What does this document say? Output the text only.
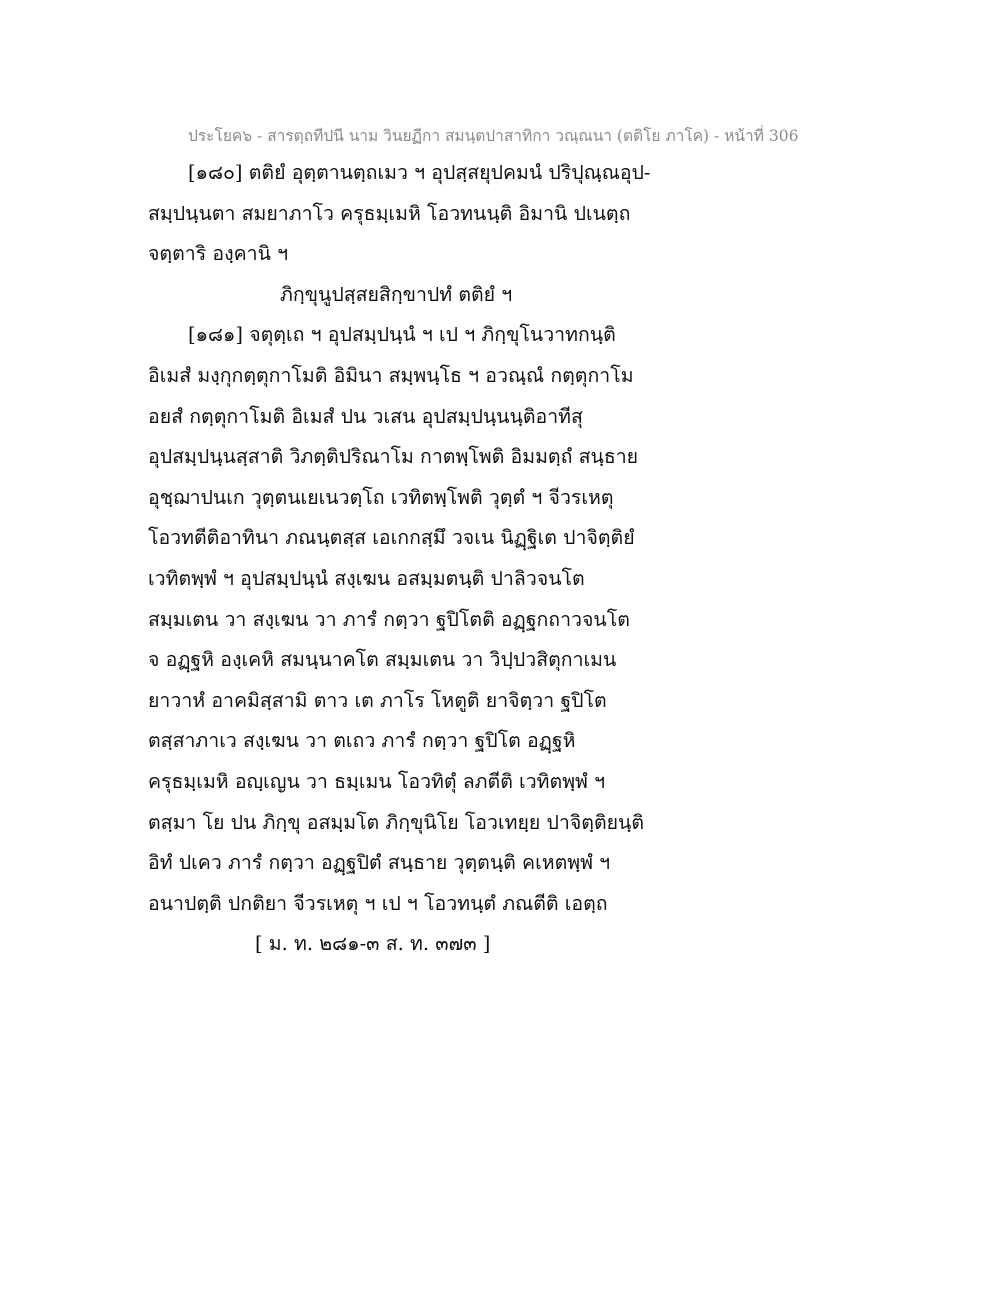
ประโยค๖ - สารตฺถทีปนี นาม วินยฏีกา สมนฺตปาสาทิกา วณฺณนา (ตติโย ภาโค) - หน้าที่ 306
[๑๘๐] ตติยํ อุตฺตานตฺถเมว ฯ อุปสฺสยุปคมนํ ปริปุณฺณอุป-
สมฺปนฺนตา สมยาภาโว ครุธมฺเมหิ โอวทนนฺติ อิมานิ ปเนตฺถ
จตฺตาริ องฺคานิ ฯ
ภิกฺขุนูปสฺสยสิกฺขาปทํ ตติยํ ฯ
[๑๘๑] จตุตฺเถ ฯ อุปสมฺปนฺนํ ฯ เป ฯ ภิกฺขุโนวาทกนฺติ
อิเมสํ มงฺกุกตฺตุกาโมติ อิมินา สมฺพนฺโธ ฯ อวณฺณํ กตฺตุกาโม
อยสํ กตฺตุกาโมติ อิเมสํ ปน วเสน อุปสมฺปนฺนนฺติอาทีสุ
อุปสมฺปนฺนสฺสาติ วิภตฺติปริณาโม กาตพฺโพติ อิมมตฺถํ สนฺธาย
อุชฺฌาปนเก วุตฺตนเยเนวตฺโถ เวทิตพฺโพติ วุตฺตํ ฯ จีวรเหตุ
โอวทตีติอาทินา ภณนฺตสฺส เอเกกสฺมึ วจเน นิฏฺฐิเต ปาจิตฺติยํ
เวทิตพฺพํ ฯ อุปสมฺปนฺนํ สงฺเฆน อสมฺมตนฺติ ปาลิวจนโต
สมฺมเตน วา สงฺเฆน วา ภารํ กตฺวา ฐปิโตติ อฏฺฐกถาวจนโต
จ อฏฺฐหิ องฺเคหิ สมนฺนาคโต สมฺมเตน วา วิปฺปวสิตุกาเมน
ยาวาหํ อาคมิสฺสามิ ตาว เต ภาโร โหตูติ ยาจิตฺวา ฐปิโต
ตสฺสาภาเว สงฺเฆน วา ตเถว ภารํ กตฺวา ฐปิโต อฏฺฐหิ
ครุธมฺเมหิ อญฺเญน วา ธมฺเมน โอวทิตุํ ลภตีติ เวทิตพฺพํ ฯ
ตสฺมา โย ปน ภิกฺขุ อสมฺมโต ภิกฺขุนิโย โอวเทยฺย ปาจิตฺติยนฺติ
อิทํ ปเคว ภารํ กตฺวา อฏฺฐปิตํ สนฺธาย วุตฺตนฺติ คเหตพฺพํ ฯ
อนาปตฺติ ปกติยา จีวรเหตุ ฯ เป ฯ โอวทนฺตํ ภณตีติ เอตฺถ
[ ม. ท. ๒๘๑-๓ ส. ท. ๓๗๓ ]
